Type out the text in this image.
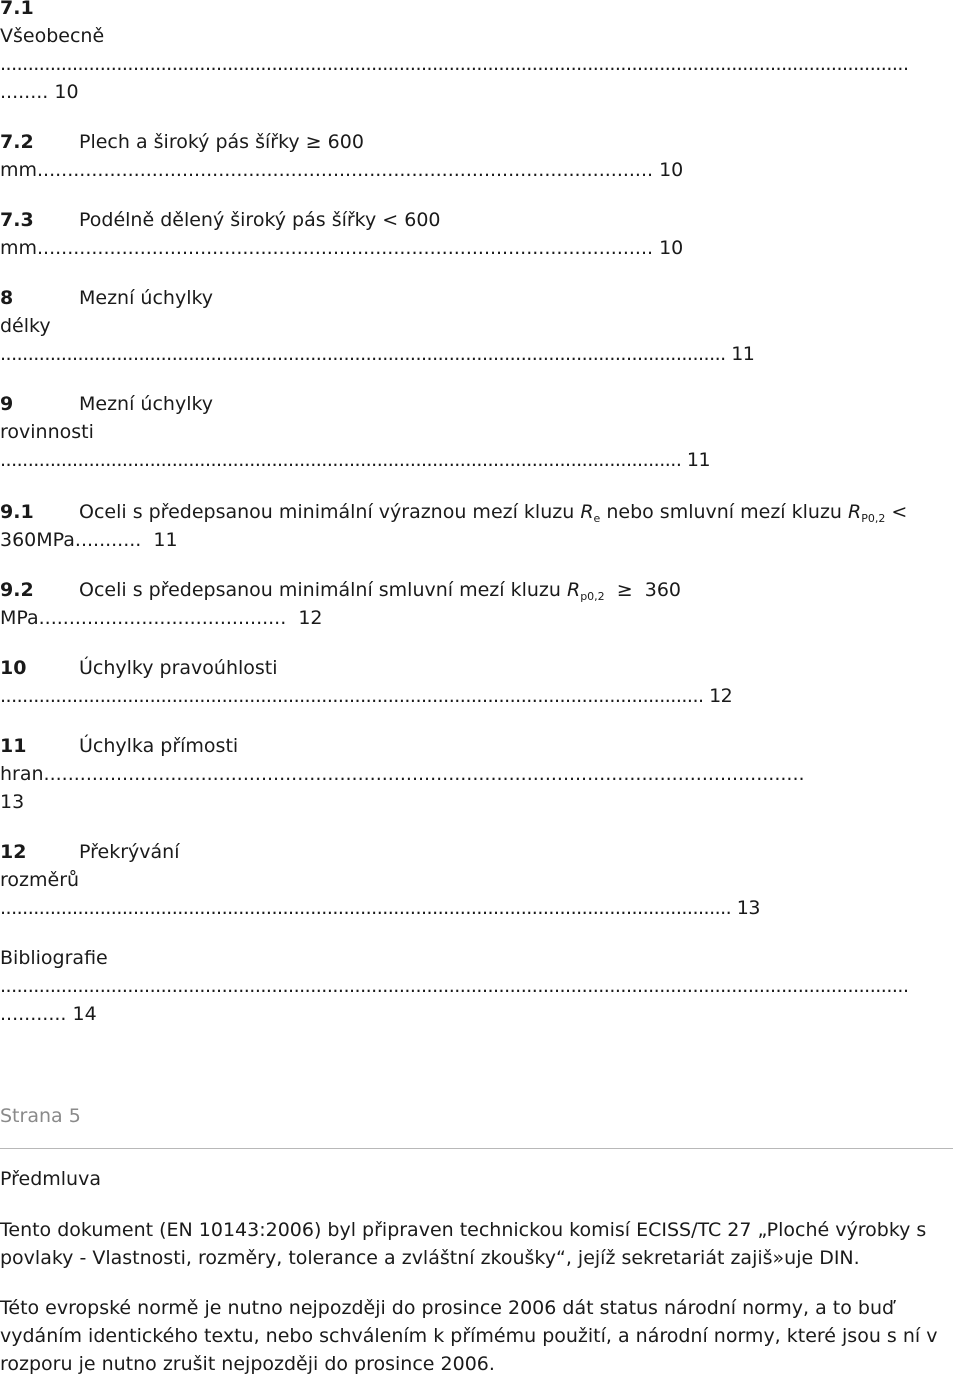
7.1
Všeobecně
....................................................................................................................................................................
........ 10
7.2 Plech a široký pás šířky ≥ 600
mm...................................................................................................... 10
7.3 Podélně dělený široký pás šířky < 600
mm...................................................................................................... 10
8	Mezní úchylky
délky
................................................................................................................................... 11
9	Mezní úchylky
rovinnosti
........................................................................................................................... 11
9.1 Oceli s předepsanou minimální výraznou mezí kluzu $R_e$ nebo smluvní mezí kluzu $R_{P0,2}$ <
360MPa...........  11
9.2 Oceli s předepsanou minimální smluvní mezí kluzu $R_{p0,2} \ge 360$
MPa.........................................  12
10	Úchylky pravoúhlosti
............................................................................................................................... 12
11	Úchylka přímosti
hran..............................................................................................................................
13
12	Překrývání
rozměrů
.................................................................................................................................... 13
Bibliografie
....................................................................................................................................................................
........... 14
Strana 5
Předmluva
Tento dokument (EN 10143:2006) byl připraven technickou komisí ECISS/TC 27 „Ploché výrobky s povlaky - Vlastnosti, rozměry, tolerance a zvláštní zkoušky“, jejíž sekretariát zajiš»uje DIN.
Této evropské normě je nutno nejpozději do prosince 2006 dát status národní normy, a to buď vydáním identického textu, nebo schválením k přímému použití, a národní normy, které jsou s ní v rozporu je nutno zrušit nejpozději do prosince 2006.
